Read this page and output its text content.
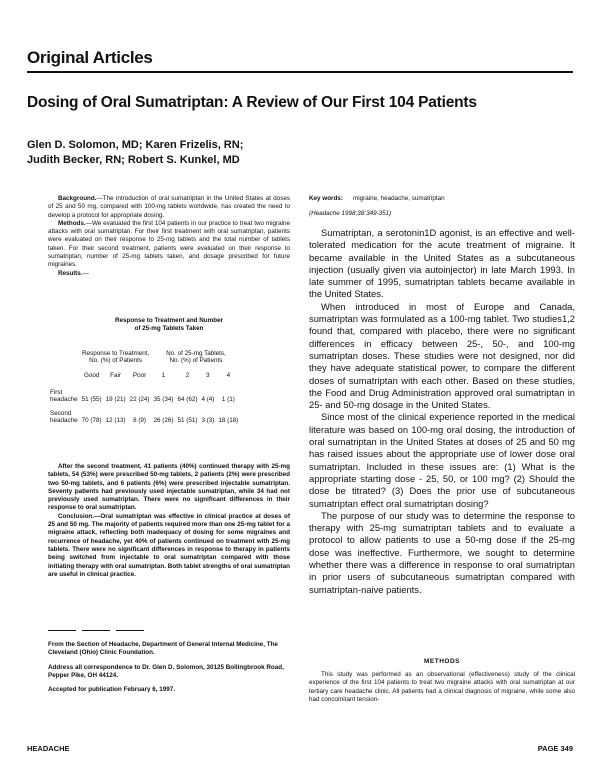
Original Articles
Dosing of Oral Sumatriptan: A Review of Our First 104 Patients
Glen D. Solomon, MD; Karen Frizelis, RN;
Judith Becker, RN; Robert S. Kunkel, MD

Background.—The introduction of oral sumatriptan in the United States at doses of 25 and 50 mg, compared with 100-mg tablets worldwide, has created the need to develop a protocol for appropriate dosing.

Methods.—We evaluated the first 104 patients in our practice to treat two migraine attacks with oral sumatriptan. For their first treatment with oral sumatriptan, patients were evaluated on their response to 25-mg tablets and the total number of tablets taken. For their second treatment, patients were evaluated on their response to sumatriptan, number of 25-mg tablets taken, and dosage prescribed for future migraines.

Results.—

Response to Treatment and Number
of 25-mg Tablets Taken
	Response to Treatment,			No. of 25-mg Tablets,			
	No. (%) of Patients			No. (%) of Patients			

	Good	Fair	Poor	1	2	3	4

First							
headache	51 (55)	19 (21)	22 (24)	35 (34)	64 (62)	4 (4)	1 (1)

Second							
headache	70 (78)	12 (13)	8 (9)	26 (26)	51 (51)	3 (3)	18 (18)

After the second treatment, 41 patients (40%) continued therapy with 25-mg tablets, 54 (53%) were prescribed 50-mg tablets, 2 patients (2%) were prescribed two 50-mg tablets, and 6 patients (6%) were prescribed injectable sumatriptan. Seventy patients had previously used injectable sumatriptan, while 34 had not previously used sumatriptan. There were no significant differences in their response to oral sumatriptan.

Conclusion.—Oral sumatriptan was effective in clinical practice at doses of 25 and 50 mg. The majority of patients required more than one 25-mg tablet for a migraine attack, reflecting both inadequacy of dosing for some migraines and recurrence of headache, yet 40% of patients continued on treatment with 25-mg tablets. There were no significant differences in response to therapy in patients being switched from injectable to oral sumatriptan compared with those initiating therapy with oral sumatriptan. Both tablet strengths of oral sumatriptan are useful in clinical practice.

From the Section of Headache, Department of General Internal Medicine, The Cleveland (Ohio) Clinic Foundation.

Address all correspondence to Dr. Glen D. Solomon, 30125 Bollingbrook Road, Pepper Pike, OH 44124.

Accepted for publication February 6, 1997.

Key words: migraine, headache, sumatriptan
(Headache 1998;38:349-351)

Sumatriptan, a serotonin1D agonist, is an effective and well-tolerated medication for the acute treatment of migraine. It became available in the United States as a subcutaneous injection (usually given via autoinjector) in late March 1993. In late summer of 1995, sumatriptan tablets became available in the United States.

When introduced in most of Europe and Canada, sumatriptan was formulated as a 100-mg tablet. Two studies1,2 found that, compared with placebo, there were no significant differences in efficacy between 25-, 50-, and 100-mg sumatriptan doses. These studies were not designed, nor did they have adequate statistical power, to compare the different doses of sumatriptan with each other. Based on these studies, the Food and Drug Administration approved oral sumatriptan in 25- and 50-mg dosage in the United States.

Since most of the clinical experience reported in the medical literature was based on 100-mg oral dosing, the introduction of oral sumatriptan in the United States at doses of 25 and 50 mg has raised issues about the appropriate use of lower dose oral sumatriptan. Included in these issues are: (1) What is the appropriate starting dose - 25, 50, or 100 mg? (2) Should the dose be titrated? (3) Does the prior use of subcutaneous sumatriptan effect oral sumatriptan dosing?

The purpose of our study was to determine the response to therapy with 25-mg sumatriptan tablets and to evaluate a protocol to allow patients to use a 50-mg dose if the 25-mg dose was ineffective. Furthermore, we sought to determine whether there was a difference in response to oral sumatriptan in prior users of subcutaneous sumatriptan compared with sumatriptan-naive patients.

METHODS

This study was performed as an observational (effectiveness) study of the clinical experience of the first 104 patients to treat two migraine attacks with oral sumatriptan at our tertiary care headache clinic. All patients had a clinical diagnosis of migraine, while some also had concomitant tension-

HEADACHE	PAGE 349
